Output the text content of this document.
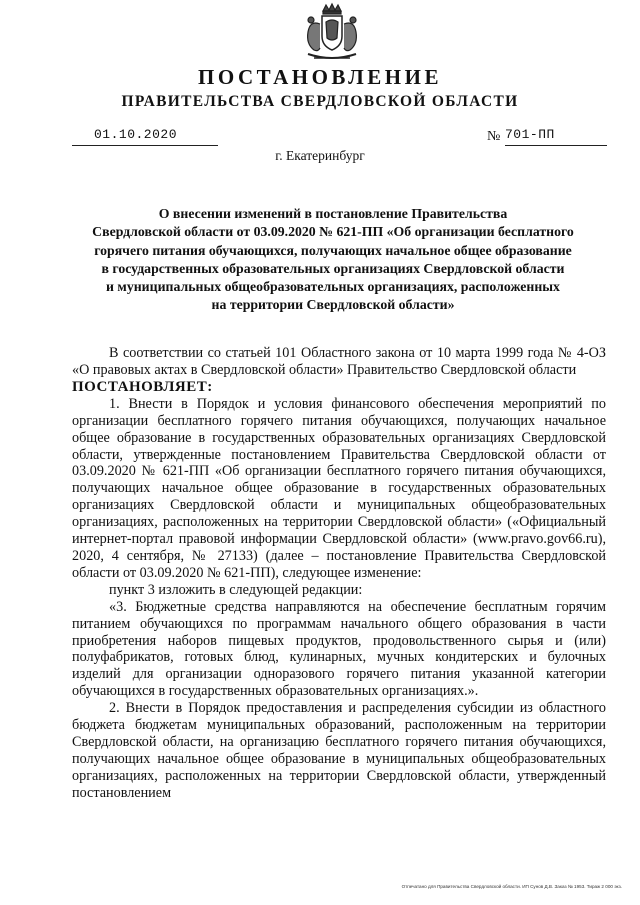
ПОСТАНОВЛЕНИЕ
ПРАВИТЕЛЬСТВА СВЕРДЛОВСКОЙ ОБЛАСТИ
01.10.2020	№ 701-ПП
г. Екатеринбург
О внесении изменений в постановление Правительства
Свердловской области от 03.09.2020 № 621-ПП «Об организации бесплатного
горячего питания обучающихся, получающих начальное общее образование
в государственных образовательных организациях Свердловской области
и муниципальных общеобразовательных организациях, расположенных
на территории Свердловской области»

В соответствии со статьей 101 Областного закона от 10 марта 1999 года № 4-ОЗ «О правовых актах в Свердловской области» Правительство Свердловской области

ПОСТАНОВЛЯЕТ:

1. Внести в Порядок и условия финансового обеспечения мероприятий по организации бесплатного горячего питания обучающихся, получающих начальное общее образование в государственных образовательных организациях Свердловской области, утвержденные постановлением Правительства Свердловской области от 03.09.2020 № 621-ПП «Об организации бесплатного горячего питания обучающихся, получающих начальное общее образование в государственных образовательных организациях Свердловской области и муниципальных общеобразовательных организациях, расположенных на территории Свердловской области» («Официальный интернет-портал правовой информации Свердловской области» (www.pravo.gov66.ru), 2020, 4 сентября, № 27133) (далее – постановление Правительства Свердловской области от 03.09.2020 № 621-ПП), следующее изменение:

пункт 3 изложить в следующей редакции:

«3. Бюджетные средства направляются на обеспечение бесплатным горячим питанием обучающихся по программам начального общего образования в части приобретения наборов пищевых продуктов, продовольственного сырья и (или) полуфабрикатов, готовых блюд, кулинарных, мучных кондитерских и булочных изделий для организации одноразового горячего питания указанной категории обучающихся в государственных образовательных организациях.».

2. Внести в Порядок предоставления и распределения субсидии из областного бюджета бюджетам муниципальных образований, расположенным на территории Свердловской области, на организацию бесплатного горячего питания обучающихся, получающих начальное общее образование в муниципальных общеобразовательных организациях, расположенных на территории Свердловской области, утвержденный постановлением

Отпечатано для Правительства Свердловской области. ИП Сунов Д.В. Заказ № 1953. Тираж 2 000 экз.
